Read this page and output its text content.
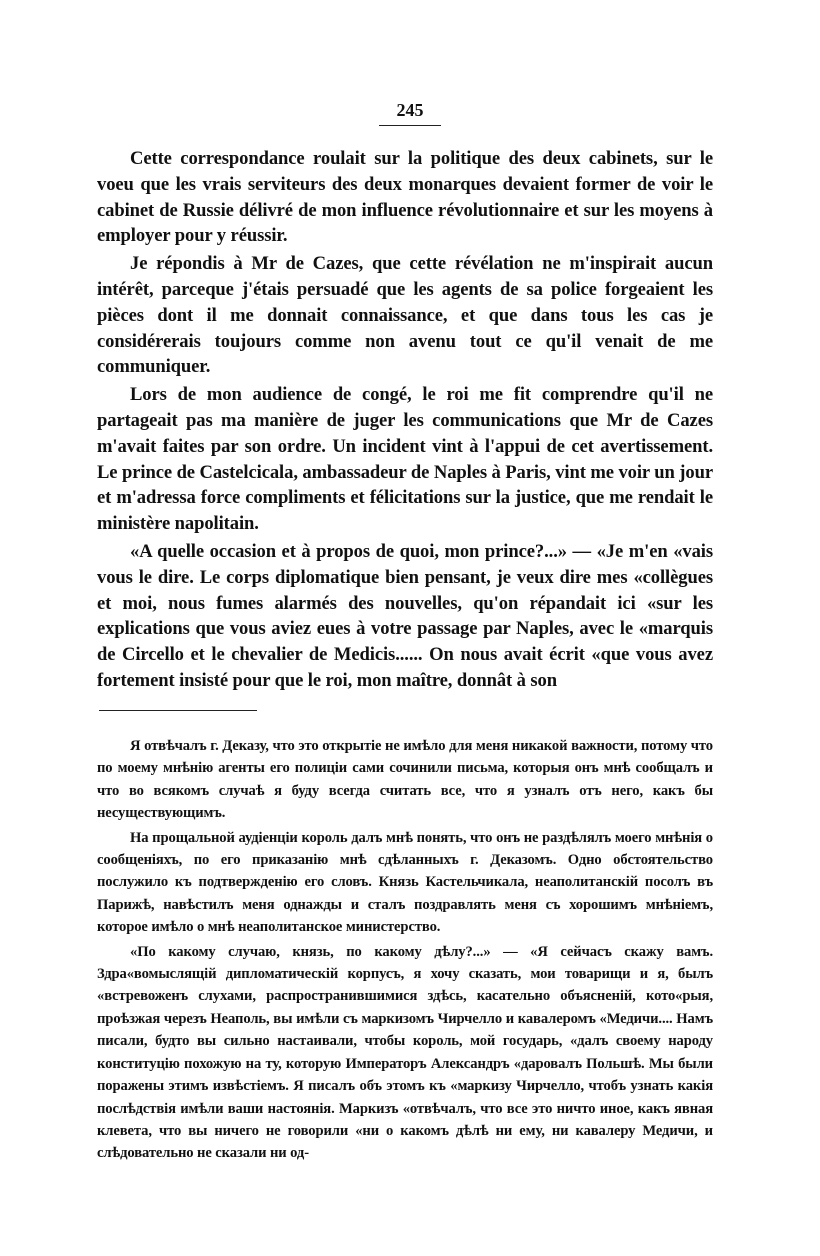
245

Cette correspondance roulait sur la politique des deux cabinets, sur le voeu que les vrais serviteurs des deux monarques devaient former de voir le cabinet de Russie délivré de mon influence révolutionnaire et sur les moyens à employer pour y réussir.

Je répondis à Mr de Cazes, que cette révélation ne m'inspirait aucun intérêt, parceque j'étais persuadé que les agents de sa police forgeaient les pièces dont il me donnait connaissance, et que dans tous les cas je considérerais toujours comme non avenu tout ce qu'il venait de me communiquer.

Lors de mon audience de congé, le roi me fit comprendre qu'il ne partageait pas ma manière de juger les communications que Mr de Cazes m'avait faites par son ordre. Un incident vint à l'appui de cet avertissement. Le prince de Castelcicala, ambassadeur de Naples à Paris, vint me voir un jour et m'adressa force compliments et félicitations sur la justice, que me rendait le ministère napolitain.

«A quelle occasion et à propos de quoi, mon prince?...» — «Je m'en «vais vous le dire. Le corps diplomatique bien pensant, je veux dire mes «collègues et moi, nous fumes alarmés des nouvelles, qu'on répandait ici «sur les explications que vous aviez eues à votre passage par Naples, avec le «marquis de Circello et le chevalier de Medicis...... On nous avait écrit «que vous avez fortement insisté pour que le roi, mon maître, donnât à son

Я отвѣчалъ г. Деказу, что это открытіе не имѣло для меня никакой важности, потому что по моему мнѣнію агенты его полиціи сами сочинили письма, которыя онъ мнѣ сообщалъ и что во всякомъ случаѣ я буду всегда считать все, что я узналъ отъ него, какъ бы несуществующимъ.

На прощальной аудіенціи король далъ мнѣ понять, что онъ не раздѣлялъ моего мнѣнія о сообщеніяхъ, по его приказанію мнѣ сдѣланныхъ г. Деказомъ. Одно обстоятельство послужило къ подтвержденію его словъ. Князь Кастельчикала, неаполитанскій посолъ въ Парижѣ, навѣстилъ меня однажды и сталъ поздравлять меня съ хорошимъ мнѣніемъ, которое имѣло о мнѣ неаполитанское министерство.

«По какому случаю, князь, по какому дѣлу?...» — «Я сейчасъ скажу вамъ. Здра«вомыслящій дипломатическій корпусъ, я хочу сказать, мои товарищи и я, былъ «встревоженъ слухами, распространившимися здѣсь, касательно объясненій, кото«рыя, проѣзжая черезъ Неаполь, вы имѣли съ маркизомъ Чирчелло и кавалеромъ «Медичи.... Намъ писали, будто вы сильно настаивали, чтобы король, мой государь, «далъ своему народу конституцію похожую на ту, которую Императоръ Александръ «даровалъ Польшѣ. Мы были поражены этимъ извѣстіемъ. Я писалъ объ этомъ къ «маркизу Чирчелло, чтобъ узнать какія послѣдствія имѣли ваши настоянія. Маркизъ «отвѣчалъ, что все это ничто иное, какъ явная клевета, что вы ничего не говорили «ни о какомъ дѣлѣ ни ему, ни кавалеру Медичи, и слѣдовательно не сказали ни од-
